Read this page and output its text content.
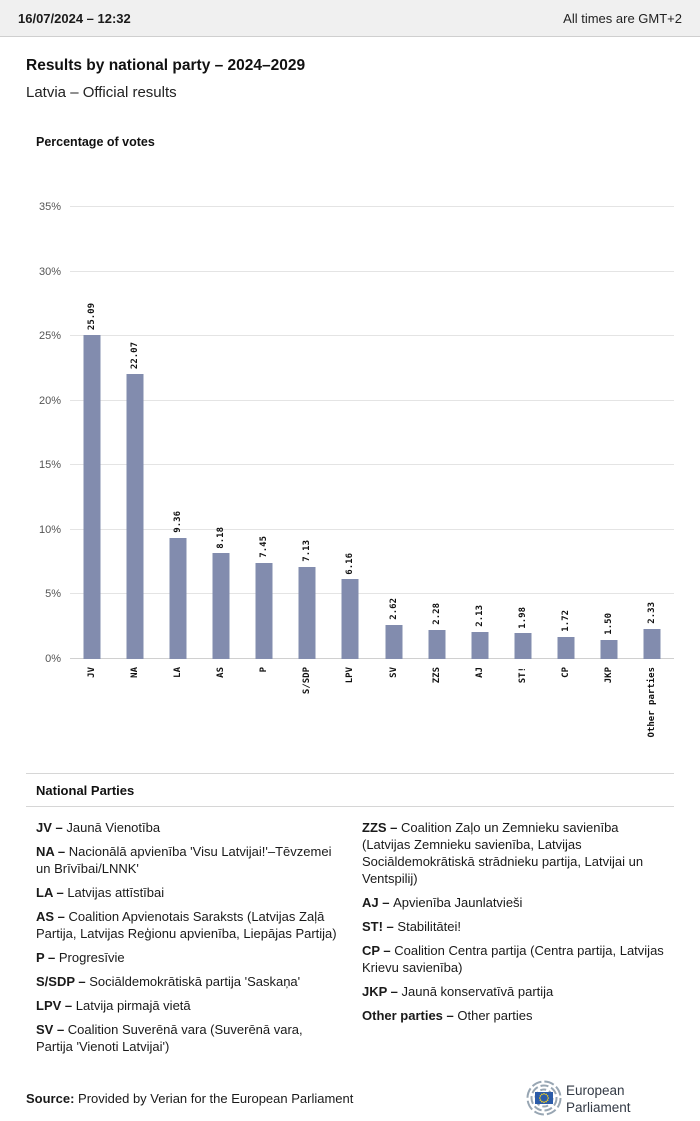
16/07/2024 – 12:32	All times are GMT+2
Results by national party – 2024–2029
Latvia – Official results
Percentage of votes
0%
5%
10%
15%
20%
25%
30%
35%
25.09
JV
22.07
NA
9.36
LA
8.18
AS
7.45
P
7.13
S/SDP
6.16
LPV
2.62
SV
2.28
ZZS
2.13
AJ
1.98
ST!
1.72
CP
1.50
JKP
2.33
Other parties
National Parties

JV – Jaunā Vienotība

NA – Nacionālā apvienība 'Visu Latvijai!'–Tēvzemei un Brīvībai/LNNK'

LA – Latvijas attīstībai

AS – Coalition Apvienotais Saraksts (Latvijas Zaļā Partija, Latvijas Reģionu apvienība, Liepājas Partija)

P – Progresīvie

S/SDP – Sociāldemokrātiskā partija 'Saskaņa'

LPV – Latvija pirmajā vietā

SV – Coalition Suverēnā vara (Suverēnā vara, Partija 'Vienoti Latvijai')

ZZS – Coalition Zaļo un Zemnieku savienība (Latvijas Zemnieku savienība, Latvijas Sociāldemokrātiskā strādnieku partija, Latvijai un Ventspilij)

AJ – Apvienība Jaunlatvieši

ST! – Stabilitātei!

CP – Coalition Centra partija (Centra partija, Latvijas Krievu savienība)

JKP – Jaunā konservatīvā partija

Other parties – Other parties

Source: Provided by Verian for the European Parliament	European
Parliament
